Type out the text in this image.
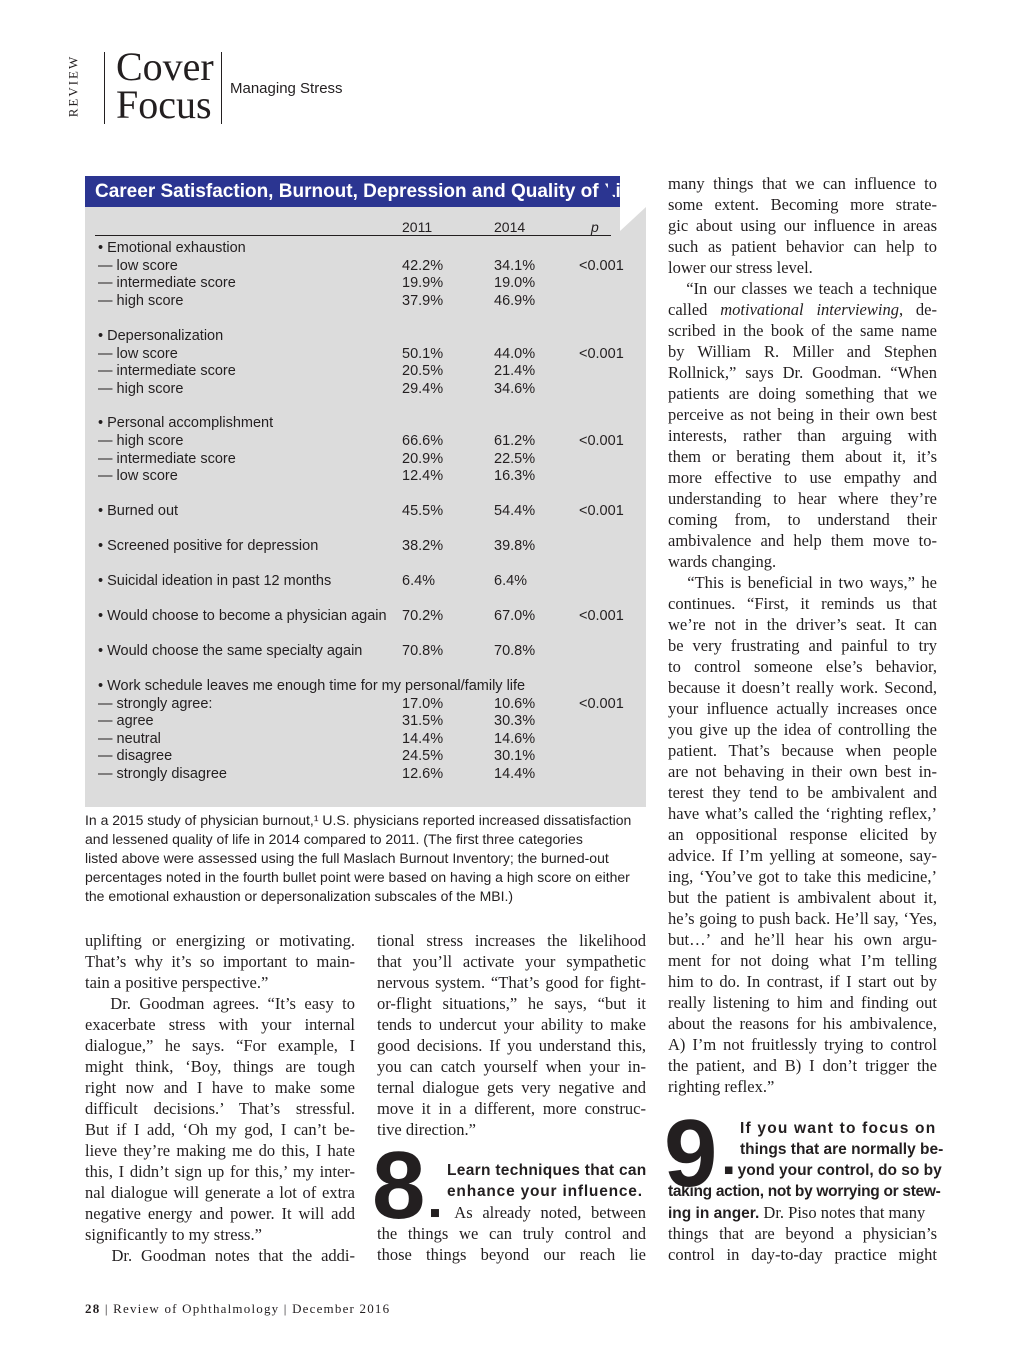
REVIEW Cover
Focus Managing Stress
Career Satisfaction, Burnout, Depression and Quality of Life
2011	2014	p
• Emotional exhaustion
— low score	42.2%	34.1%	<0.001
— intermediate score	19.9%	19.0%
— high score	37.9%	46.9%
• Depersonalization
— low score	50.1%	44.0%	<0.001
— intermediate score	20.5%	21.4%
— high score	29.4%	34.6%
• Personal accomplishment
— high score	66.6%	61.2%	<0.001
— intermediate score	20.9%	22.5%
— low score	12.4%	16.3%
• Burned out	45.5%	54.4%	<0.001
• Screened positive for depression	38.2%	39.8%
• Suicidal ideation in past 12 months	6.4%	6.4%
• Would choose to become a physician again 70.2%	67.0%	<0.001
• Would choose the same specialty again	70.8%	70.8%
• Work schedule leaves me enough time for my personal/family life
— strongly agree:	17.0%	10.6%	<0.001
— agree	31.5%	30.3%
— neutral	14.4%	14.6%
— disagree	24.5%	30.1%
— strongly disagree	12.6%	14.4%
In a 2015 study of physician burnout,¹ U.S. physicians reported increased dissatisfaction
and lessened quality of life in 2014 compared to 2011. (The first three categories
listed above were assessed using the full Maslach Burnout Inventory; the burned-out
percentages noted in the fourth bullet point were based on having a high score on either
the emotional exhaustion or depersonalization subscales of the MBI.)
uplifting or energizing or motivating.
That’s why it’s so important to main-
tain a positive perspective.”
Dr. Goodman agrees. “It’s easy to
exacerbate stress with your internal
dialogue,” he says. “For example, I
might think, ‘Boy, things are tough
right now and I have to make some
difficult decisions.’ That’s stressful.
But if I add, ‘Oh my god, I can’t be-
lieve they’re making me do this, I hate
this, I didn’t sign up for this,’ my inter-
nal dialogue will generate a lot of extra
negative energy and power. It will add
significantly to my stress.”
Dr. Goodman notes that the addi-
tional stress increases the likelihood
that you’ll activate your sympathetic
nervous system. “That’s good for fight-
or-flight situations,” he says, “but it
tends to undercut your ability to make
good decisions. If you understand this,
you can catch yourself when your in-
ternal dialogue gets very negative and
move it in a different, more construc-
tive direction.”
8 Learn techniques that can
enhance your influence.
■ As already noted, between
the things we can truly control and
those things beyond our reach lie
many things that we can influence to
some extent. Becoming more strate-
gic about using our influence in areas
such as patient behavior can help to
lower our stress level.
“In our classes we teach a technique
called motivational interviewing, de-
scribed in the book of the same name
by William R. Miller and Stephen
Rollnick,” says Dr. Goodman. “When
patients are doing something that we
perceive as not being in their own best
interests, rather than arguing with
them or berating them about it, it’s
more effective to use empathy and
understanding to hear where they’re
coming from, to understand their
ambivalence and help them move to-
wards changing.
“This is beneficial in two ways,” he
continues. “First, it reminds us that
we’re not in the driver’s seat. It can
be very frustrating and painful to try
to control someone else’s behavior,
because it doesn’t really work. Second,
your influence actually increases once
you give up the idea of controlling the
patient. That’s because when people
are not behaving in their own best in-
terest they tend to be ambivalent and
have what’s called the ‘righting reflex,’
an oppositional response elicited by
advice. If I’m yelling at someone, say-
ing, ‘You’ve got to take this medicine,’
but the patient is ambivalent about it,
he’s going to push back. He’ll say, ‘Yes,
but…’ and he’ll hear his own argu-
ment for not doing what I’m telling
him to do. In contrast, if I start out by
really listening to him and finding out
about the reasons for his ambivalence,
A) I’m not fruitlessly trying to control
the patient, and B) I don’t trigger the
righting reflex.”
9 If you want to focus on
things that are normally be-
■ yond your control, do so by
taking action, not by worrying or stew-
ing in anger. Dr. Piso notes that many
things that are beyond a physician’s
control in day-to-day practice might
28 | Review of Ophthalmology | December 2016
